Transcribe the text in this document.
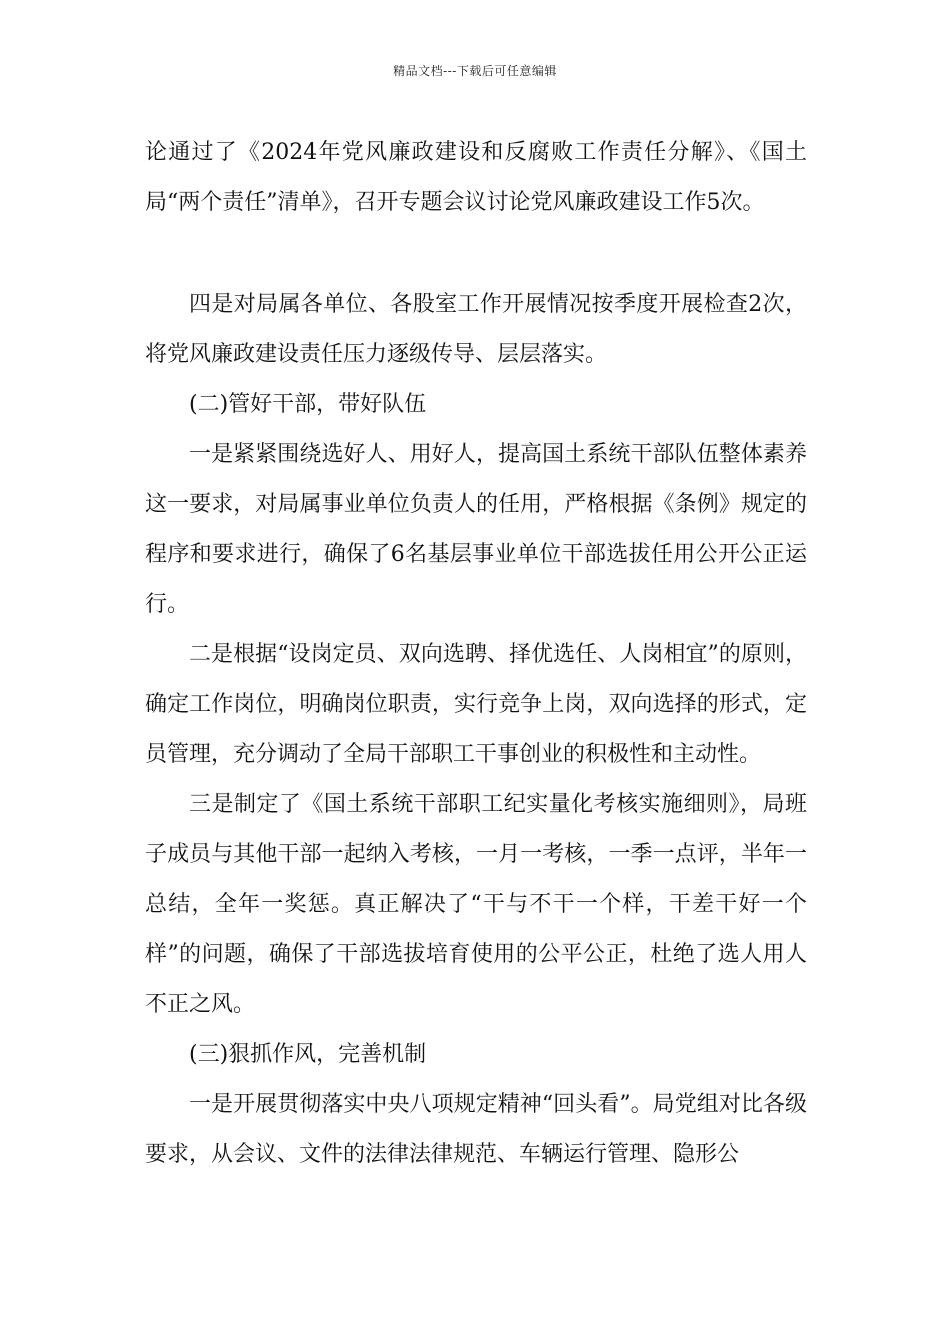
精品文档---下载后可任意编辑

论通过了《2024年党风廉政建设和反腐败工作责任分解》、《国土局“两个责任”清单》，召开专题会议讨论党风廉政建设工作5次。

四是对局属各单位、各股室工作开展情况按季度开展检查2次，将党风廉政建设责任压力逐级传导、层层落实。

(二)管好干部，带好队伍

一是紧紧围绕选好人、用好人，提高国土系统干部队伍整体素养这一要求，对局属事业单位负责人的任用，严格根据《条例》规定的程序和要求进行，确保了6名基层事业单位干部选拔任用公开公正运行。

二是根据“设岗定员、双向选聘、择优选任、人岗相宜”的原则，确定工作岗位，明确岗位职责，实行竞争上岗，双向选择的形式，定员管理，充分调动了全局干部职工干事创业的积极性和主动性。

三是制定了《国土系统干部职工纪实量化考核实施细则》，局班子成员与其他干部一起纳入考核，一月一考核，一季一点评，半年一总结，全年一奖惩。真正解决了“干与不干一个样，干差干好一个样”的问题，确保了干部选拔培育使用的公平公正，杜绝了选人用人不正之风。

(三)狠抓作风，完善机制

一是开展贯彻落实中央八项规定精神“回头看”。局党组对比各级要求，从会议、文件的法律法律规范、车辆运行管理、隐形公
